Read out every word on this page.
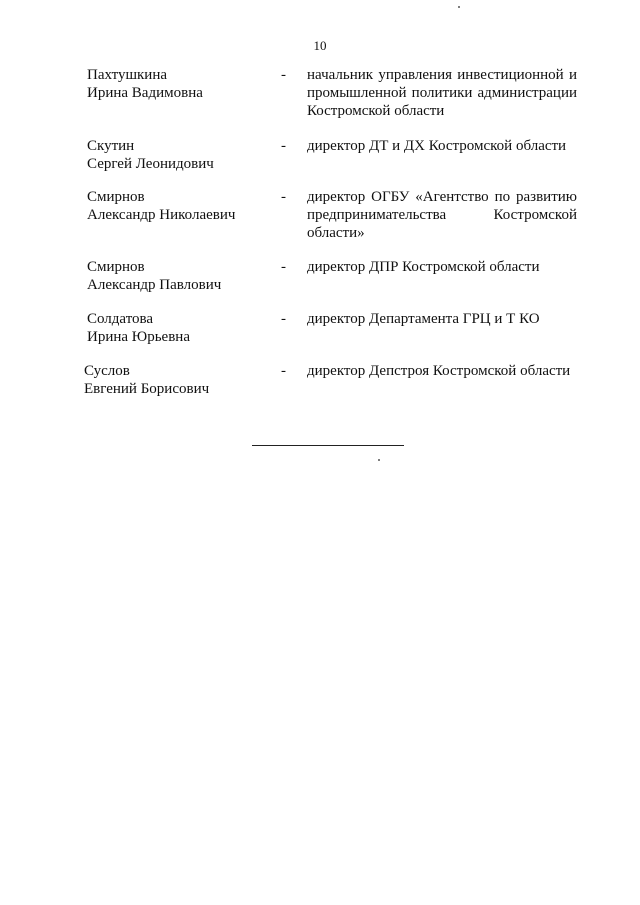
10
Пахтушкина
Ирина Вадимовна
-	начальник управления инвестиционной и промышленной политики администрации Костромской области
Скутин
Сергей Леонидович
-	директор ДТ и ДХ Костромской области
Смирнов
Александр Николаевич
-	директор ОГБУ «Агентство по развитию предпринимательства Костромской области»
Смирнов
Александр Павлович
-	директор ДПР Костромской области
Солдатова
Ирина Юрьевна
-	директор Департамента ГРЦ и Т КО
Суслов
Евгений Борисович
-	директор Депстроя Костромской области
